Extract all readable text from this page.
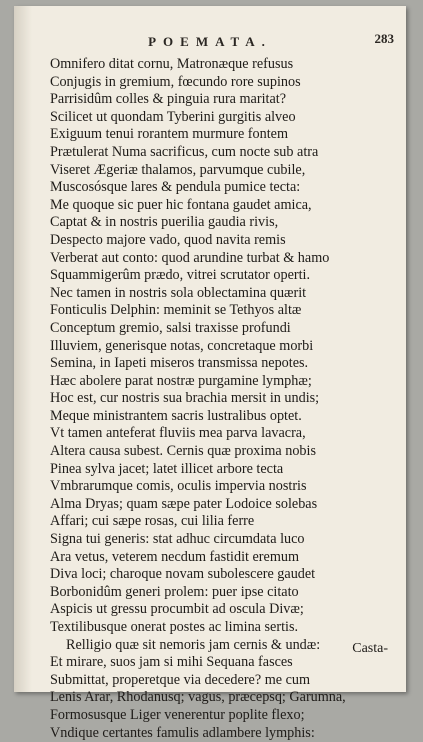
POEMATA.	283
Omnifero ditat cornu, Matronæque refusus
Conjugis in gremium, fœcundo rore supinos
Parrisidûm colles & pinguia rura maritat?
Scilicet ut quondam Tyberini gurgitis alveo
Exiguum tenui rorantem murmure fontem
Prætulerat Numa sacrificus, cum nocte sub atra
Viseret Ægeriæ thalamos, parvumque cubile,
Muscosósque lares & pendula pumice tecta:
Me quoque sic puer hic fontana gaudet amica,
Captat & in nostris puerilia gaudia rivis,
Despecto majore vado, quod navita remis
Verberat aut conto: quod arundine turbat & hamo
Squammigerûm prædo, vitrei scrutator operti.
Nec tamen in nostris sola oblectamina quærit
Fonticulis Delphin: meminit se Tethyos altæ
Conceptum gremio, salsi traxisse profundi
Illuviem, generisque notas, concretaque morbi
Semina, in Iapeti miseros transmissa nepotes.
Hæc abolere parat nostræ purgamine lymphæ;
Hoc est, cur nostris sua brachia mersit in undis;
Meque ministrantem sacris lustralibus optet.
Vt tamen anteferat fluviis mea parva lavacra,
Altera causa subest. Cernis quæ proxima nobis
Pinea sylva jacet; latet illicet arbore tecta
Vmbrarumque comis, oculis impervia nostris
Alma Dryas; quam sæpe pater Lodoice solebas
Affari; cui sæpe rosas, cui lilia ferre
Signa tui generis: stat adhuc circumdata luco
Ara vetus, veterem necdum fastidit eremum
Diva loci; charoque novam subolescere gaudet
Borbonidûm generi prolem: puer ipse citato
Aspicis ut gressu procumbit ad oscula Divæ;
Textilibusque onerat postes ac limina sertis.
Relligio quæ sit nemoris jam cernis & undæ:
Et mirare, suos jam si mihi Sequana fasces
Submittat, properetque via decedere? me cum
Lenis Arar, Rhodanusq; vagus, præcepsq; Garumna,
Formosusque Liger venerentur poplite flexo;
Vndique certantes famulis adlambere lymphis:
Casta-
